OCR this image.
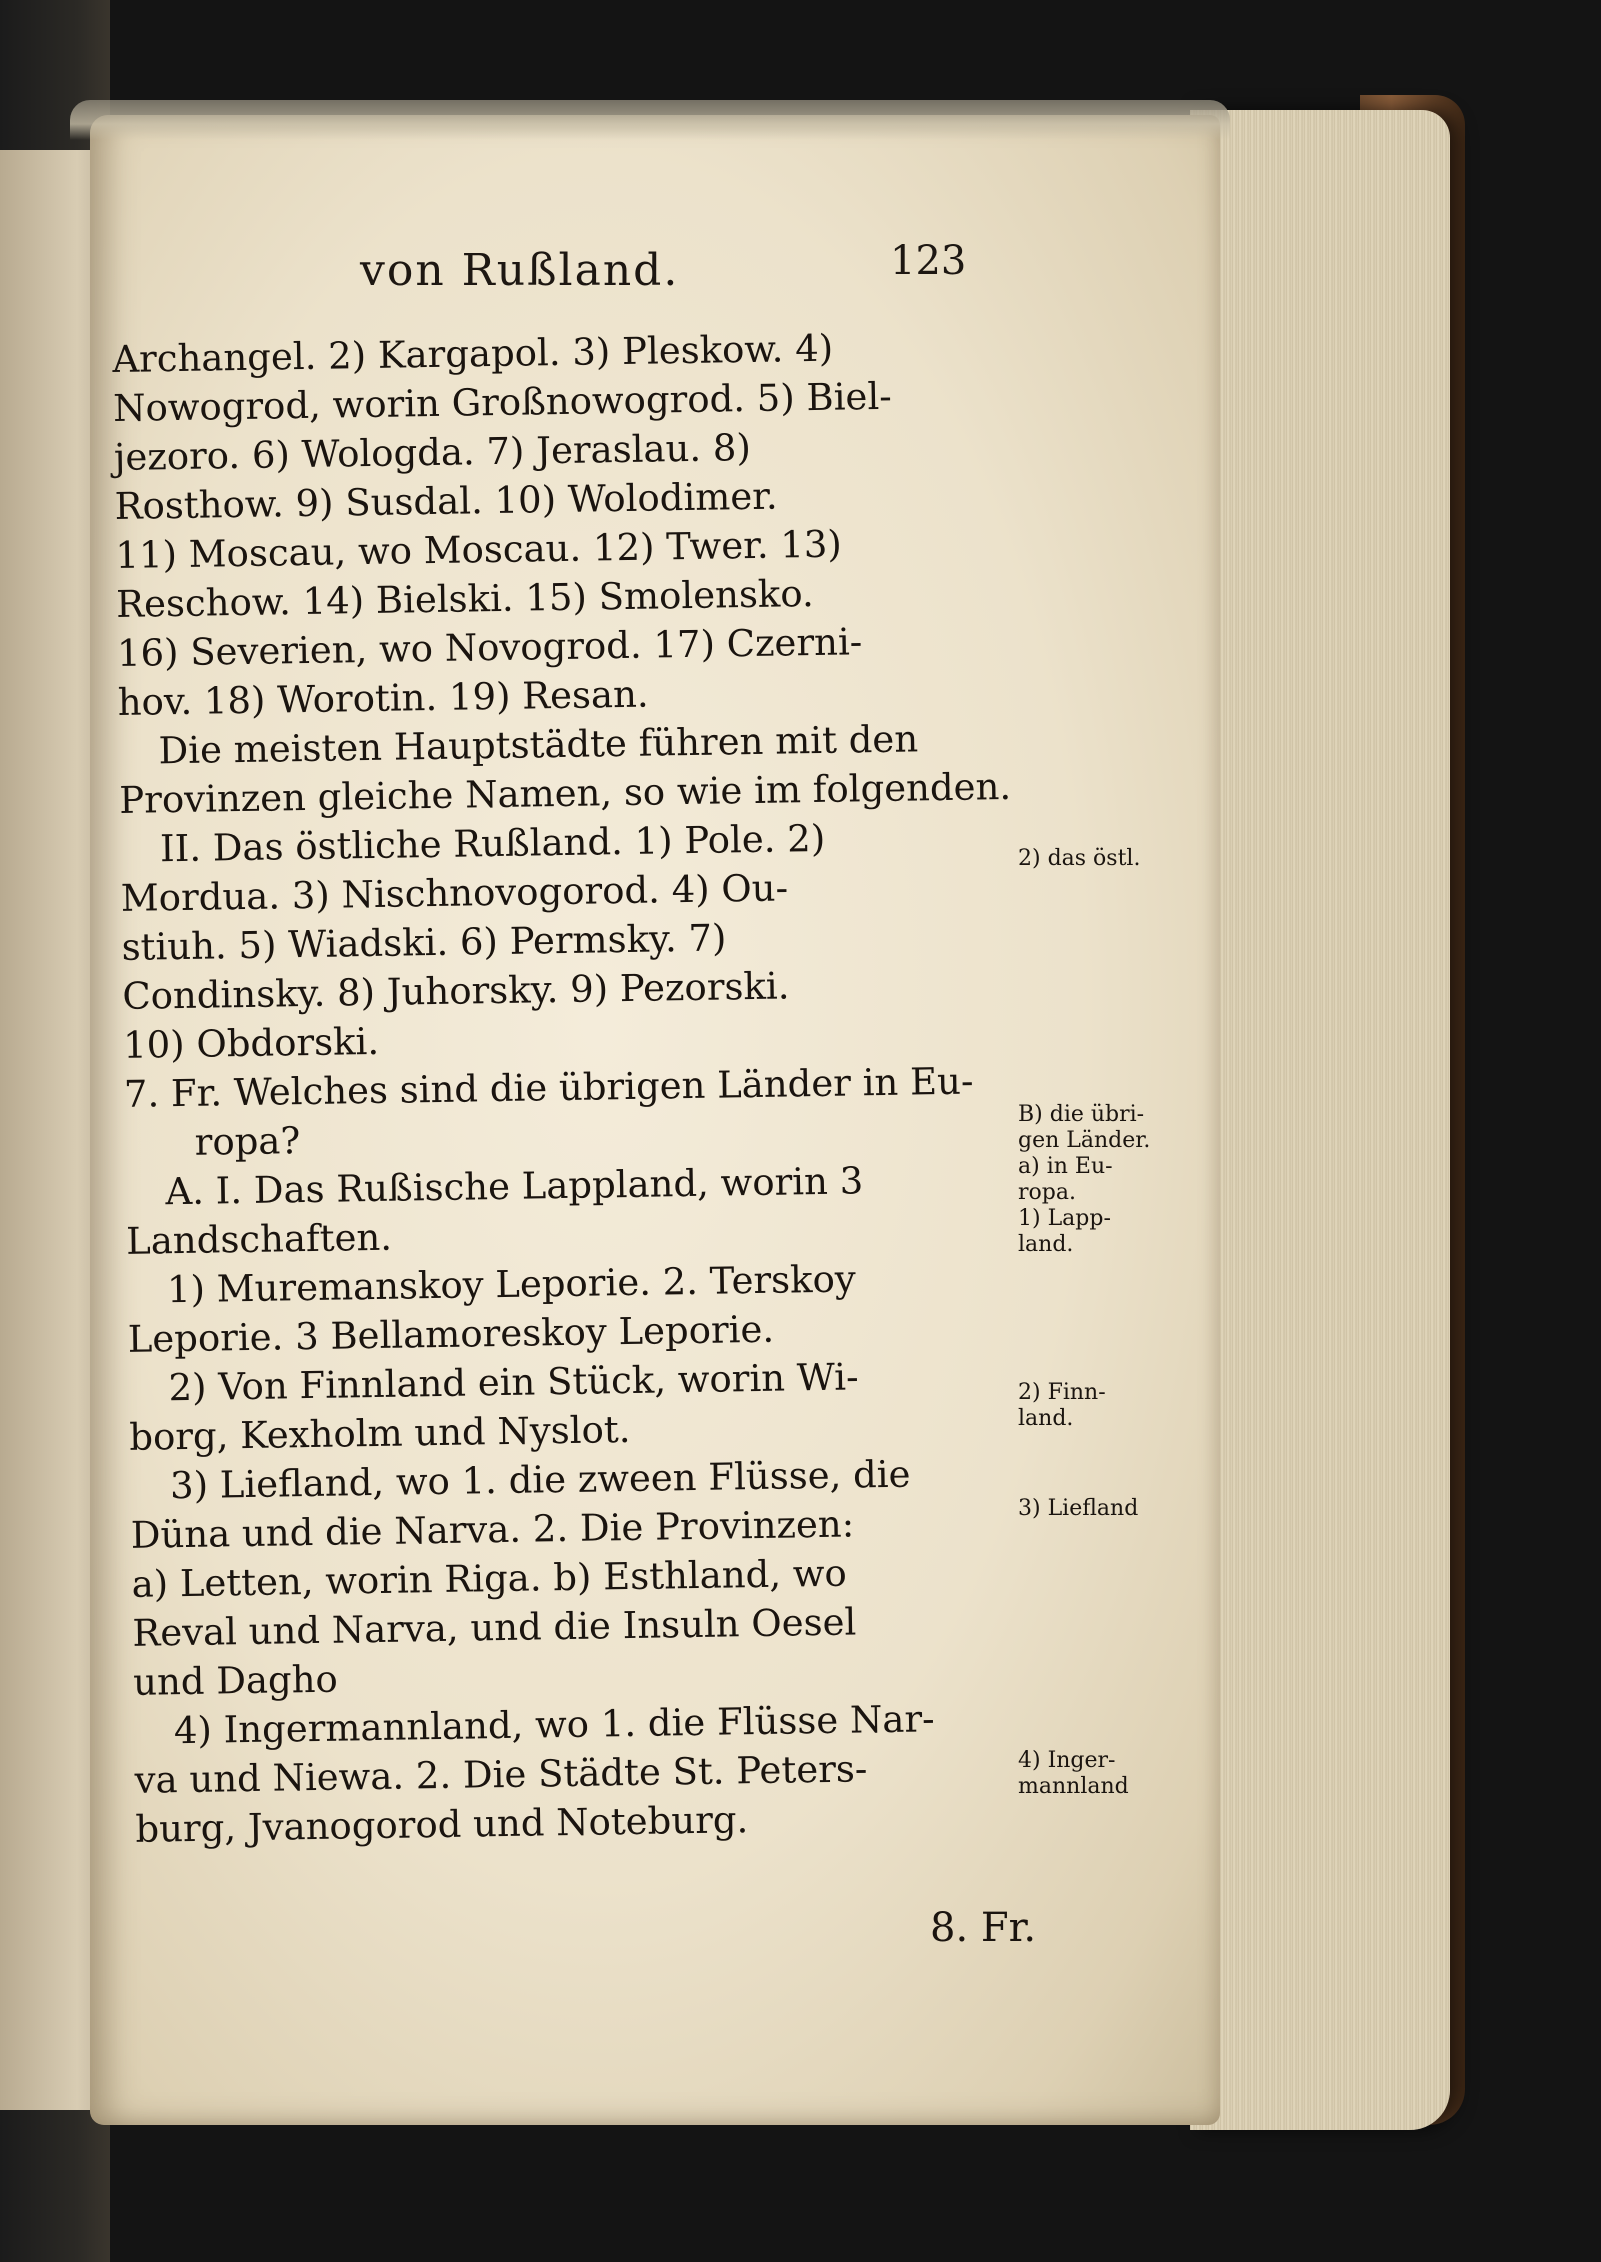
von Rußland.	123
Archangel. 2) Kargapol. 3) Pleskow. 4)
Nowogrod, worin Großnowogrod. 5) Biel-
jezoro. 6) Wologda. 7) Jeraslau. 8)
Rosthow. 9) Susdal. 10) Wolodimer.
11) Moscau, wo Moscau. 12) Twer. 13)
Reschow. 14) Bielski. 15) Smolensko.
16) Severien, wo Novogrod. 17) Czerni-
hov. 18) Worotin. 19) Resan.
Die meisten Hauptstädte führen mit den
Provinzen gleiche Namen, so wie im folgenden.
II. Das östliche Rußland. 1) Pole. 2)
Mordua. 3) Nischnovogorod. 4) Ou-
stiuh. 5) Wiadski. 6) Permsky. 7)
Condinsky. 8) Juhorsky. 9) Pezorski.
10) Obdorski.
7. Fr. Welches sind die übrigen Länder in Eu-
ropa?
A. I. Das Rußische Lappland, worin 3
Landschaften.
1) Muremanskoy Leporie. 2. Terskoy
Leporie. 3 Bellamoreskoy Leporie.
2) Von Finnland ein Stück, worin Wi-
borg, Kexholm und Nyslot.
3) Liefland, wo 1. die zween Flüsse, die
Düna und die Narva. 2. Die Provinzen:
a) Letten, worin Riga. b) Esthland, wo
Reval und Narva, und die Insuln Oesel
und Dagho
4) Ingermannland, wo 1. die Flüsse Nar-
va und Niewa. 2. Die Städte St. Peters-
burg, Jvanogorod und Noteburg.
2) das östl.
B) die übri-
gen Länder.
a) in Eu-
ropa.
1) Lapp-
land.
2) Finn-
land.
3) Liefland
4) Inger-
mannland
8. Fr.
